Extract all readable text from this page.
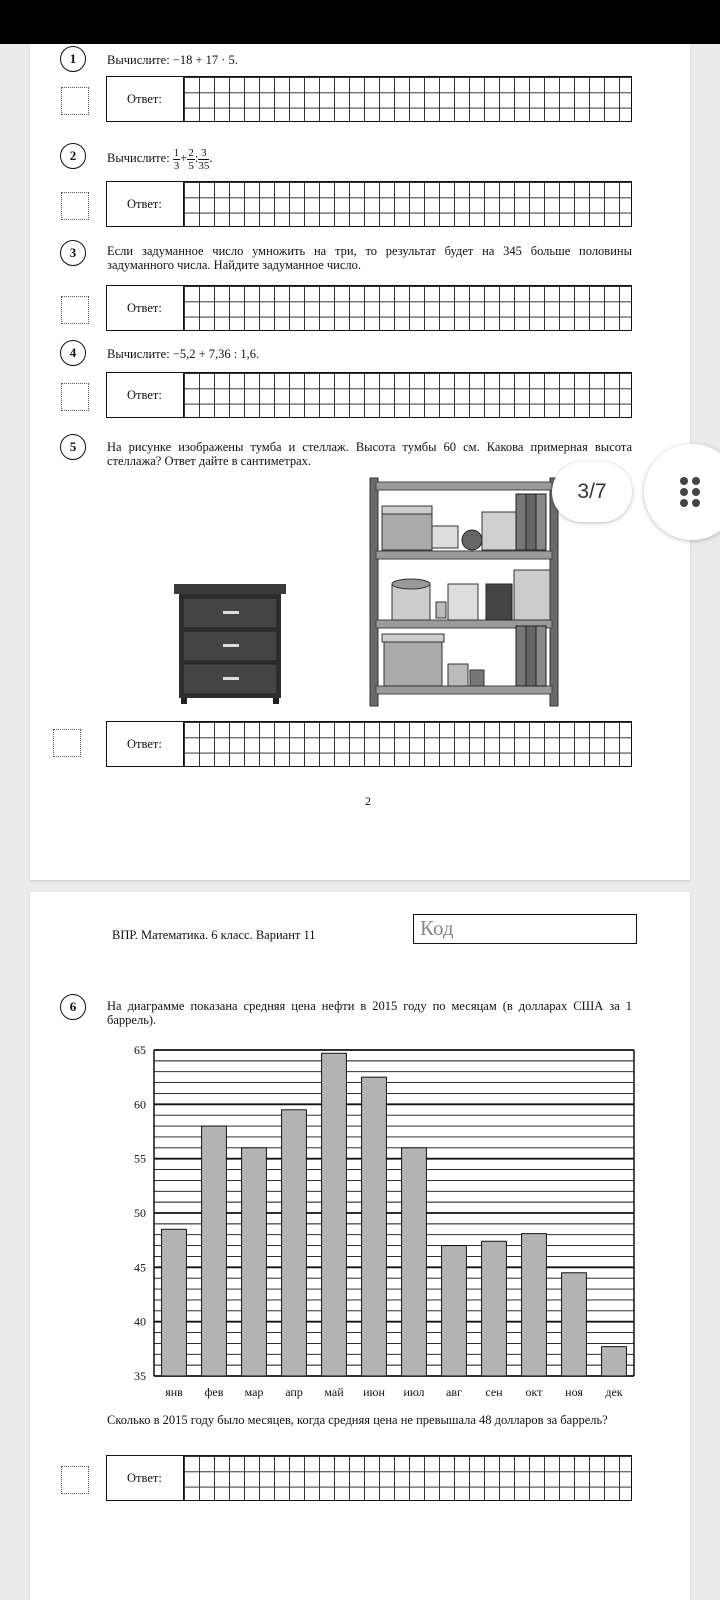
1	Вычислите: −18 + 17 · 5.
Ответ:
2	Вычислите: $\frac{1}{3} + \frac{2}{5}$ : $\frac{3}{35}$ .
Ответ:
3	Если задуманное число умножить на три, то результат будет на 345 больше половины задуманного числа. Найдите задуманное число.
Ответ:
4	Вычислите: −5,2 + 7,36 : 1,6.
Ответ:
5	На рисунке изображены тумба и стеллаж. Высота тумбы 60 см. Какова примерная высота стеллажа? Ответ дайте в сантиметрах.
Ответ:
2
ВПР. Математика. 6 класс. Вариант 11	Код
6	На диаграмме показана средняя цена нефти в 2015 году по месяцам (в долларах США за 1 баррель).
35
40
45
50
55
60
65
янв фев мар апр май июн июл авг сен окт ноя дек
Сколько в 2015 году было месяцев, когда средняя цена не превышала 48 долларов за баррель?
Ответ:
3/7
